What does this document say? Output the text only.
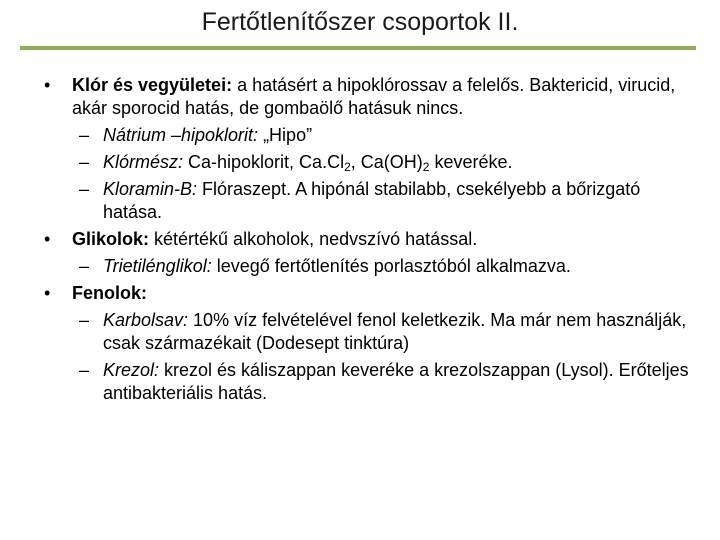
Fertőtlenítőszer csoportok II.
• Klór és vegyületei: a hatásért a hipoklórossav a felelős. Baktericid, virucid, akár sporocid hatás, de gombaölő hatásuk nincs.
– Nátrium –hipoklorit: „Hipo”
– Klórmész: Ca-hipoklorit, $Ca.Cl_2$, $Ca(OH)_2$ keveréke.
– Kloramin-B: Flóraszept. A hipónál stabilabb, csekélyebb a bőrizgató hatása.
• Glikolok: kétértékű alkoholok, nedvszívó hatással.
– Trietilénglikol: levegő fertőtlenítés porlasztóból alkalmazva.
• Fenolok:
– Karbolsav: 10% víz felvételével fenol keletkezik. Ma már nem használják, csak származékait (Dodesept tinktúra)
– Krezol: krezol és káliszappan keveréke a krezolszappan (Lysol). Erőteljes antibakteriális hatás.
